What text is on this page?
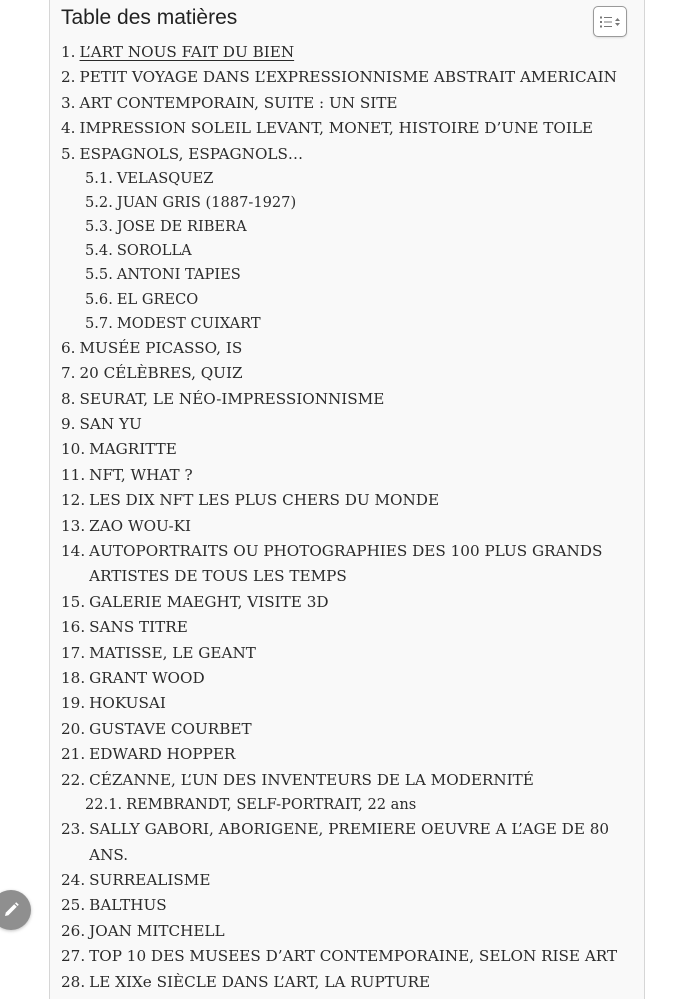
Table des matières
1. L’ART NOUS FAIT DU BIEN
2. PETIT VOYAGE DANS L’EXPRESSIONNISME ABSTRAIT AMERICAIN
3. ART CONTEMPORAIN, SUITE : UN SITE
4. IMPRESSION SOLEIL LEVANT, MONET, HISTOIRE D’UNE TOILE
5. ESPAGNOLS, ESPAGNOLS…
5.1. VELASQUEZ
5.2. JUAN GRIS (1887-1927)
5.3. JOSE DE RIBERA
5.4. SOROLLA
5.5. ANTONI TAPIES
5.6. EL GRECO
5.7. MODEST CUIXART
6. MUSÉE PICASSO, IS
7. 20 CÉLÈBRES, QUIZ
8. SEURAT, LE NÉO-IMPRESSIONNISME
9. SAN YU
10. MAGRITTE
11. NFT, WHAT ?
12. LES DIX NFT LES PLUS CHERS DU MONDE
13. ZAO WOU-KI
14. AUTOPORTRAITS OU PHOTOGRAPHIES DES 100 PLUS GRANDS ARTISTES DE TOUS LES TEMPS
15. GALERIE MAEGHT, VISITE 3D
16. SANS TITRE
17. MATISSE, LE GEANT
18. GRANT WOOD
19. HOKUSAI
20. GUSTAVE COURBET
21. EDWARD HOPPER
22. CÉZANNE, L’UN DES INVENTEURS DE LA MODERNITÉ
22.1. REMBRANDT, SELF-PORTRAIT, 22 ans
23. SALLY GABORI, ABORIGENE, PREMIERE OEUVRE A L’AGE DE 80 ANS.
24. SURREALISME
25. BALTHUS
26. JOAN MITCHELL
27. TOP 10 DES MUSEES D’ART CONTEMPORAINE, SELON RISE ART
28. LE XIXe SIÈCLE DANS L’ART, LA RUPTURE
